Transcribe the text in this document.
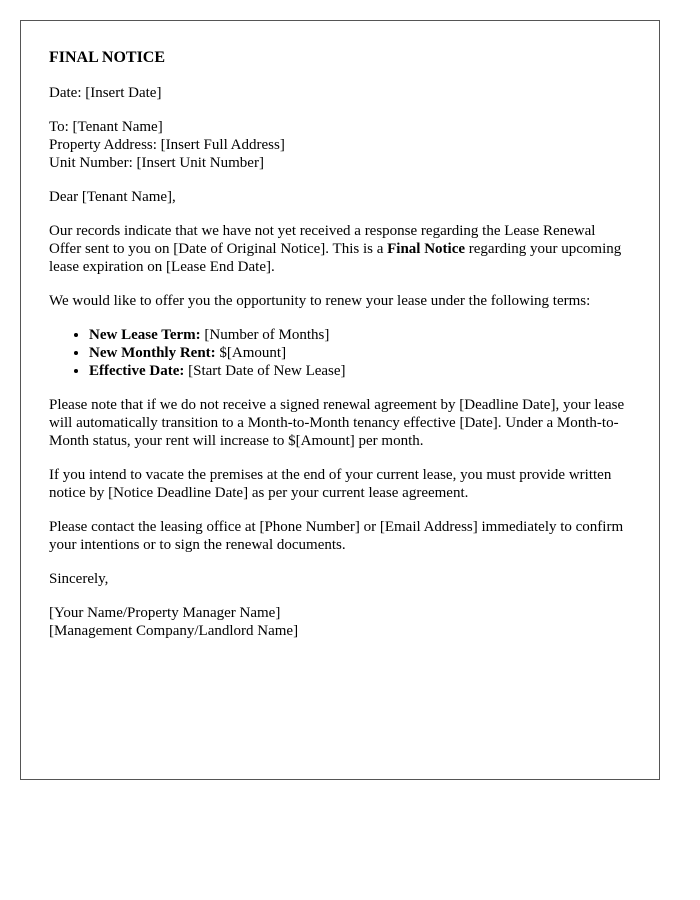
FINAL NOTICE

Date: [Insert Date]

To: [Tenant Name]
Property Address: [Insert Full Address]
Unit Number: [Insert Unit Number]

Dear [Tenant Name],

Our records indicate that we have not yet received a response regarding the Lease Renewal Offer sent to you on [Date of Original Notice]. This is a Final Notice regarding your upcoming lease expiration on [Lease End Date].

We would like to offer you the opportunity to renew your lease under the following terms:

• New Lease Term: [Number of Months]
• New Monthly Rent: $[Amount]
• Effective Date: [Start Date of New Lease]

Please note that if we do not receive a signed renewal agreement by [Deadline Date], your lease will automatically transition to a Month-to-Month tenancy effective [Date]. Under a Month-to-Month status, your rent will increase to $[Amount] per month.

If you intend to vacate the premises at the end of your current lease, you must provide written notice by [Notice Deadline Date] as per your current lease agreement.

Please contact the leasing office at [Phone Number] or [Email Address] immediately to confirm your intentions or to sign the renewal documents.

Sincerely,

[Your Name/Property Manager Name]
[Management Company/Landlord Name]
